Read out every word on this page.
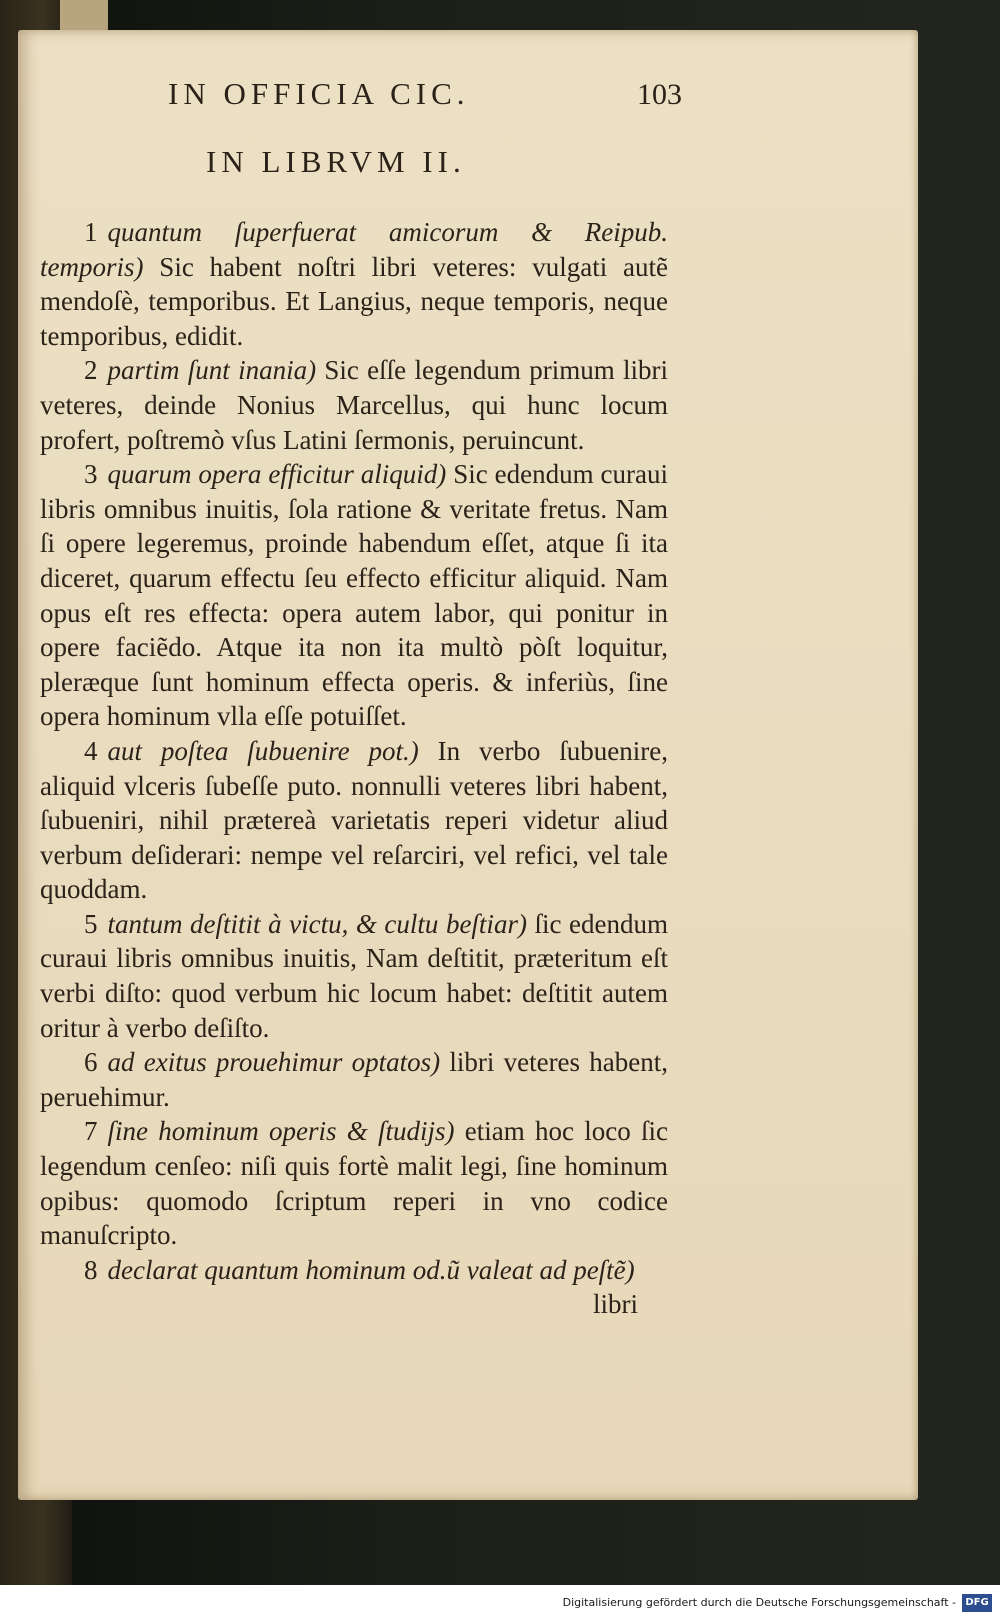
IN OFFICIA CIC.	103
IN LIBRVM II.

1 quantum ſuperfuerat amicorum & Reipub. temporis) Sic habent noſtri libri veteres: vulgati autẽ mendoſè, temporibus. Et Langius, neque temporis, neque temporibus, edidit.

2 partim ſunt inania) Sic eſſe legendum primum libri veteres, deinde Nonius Marcellus, qui hunc locum profert, poſtremò vſus Latini ſermonis, peruincunt.

3 quarum opera efficitur aliquid) Sic edendum curaui libris omnibus inuitis, ſola ratione & veritate fretus. Nam ſi opere legeremus, proinde habendum eſſet, atque ſi ita diceret, quarum effectu ſeu effecto efficitur aliquid. Nam opus eſt res effecta: opera autem labor, qui ponitur in opere faciẽdo. Atque ita non ita multò pòſt loquitur, pleræque ſunt hominum effecta operis. & inferiùs, ſine opera hominum vlla eſſe potuiſſet.

4 aut poſtea ſubuenire pot.) In verbo ſubuenire, aliquid vlceris ſubeſſe puto. nonnulli veteres libri habent, ſubueniri, nihil prætereà varietatis reperi videtur aliud verbum deſiderari: nempe vel reſarciri, vel refici, vel tale quoddam.

5 tantum deſtitit à victu, & cultu beſtiar) ſic edendum curaui libris omnibus inuitis, Nam deſtitit, præteritum eſt verbi diſto: quod verbum hic locum habet: deſtitit autem oritur à verbo deſiſto.

6 ad exitus prouehimur optatos) libri veteres habent, peruehimur.

7 ſine hominum operis & ſtudijs) etiam hoc loco ſic legendum cenſeo: niſi quis fortè malit legi, ſine hominum opibus: quomodo ſcriptum reperi in vno codice manuſcripto.

8 declarat quantum hominum od.ũ valeat ad peſtẽ)
libri

Digitalisierung gefördert durch die Deutsche Forschungsgemeinschaft - DFG
